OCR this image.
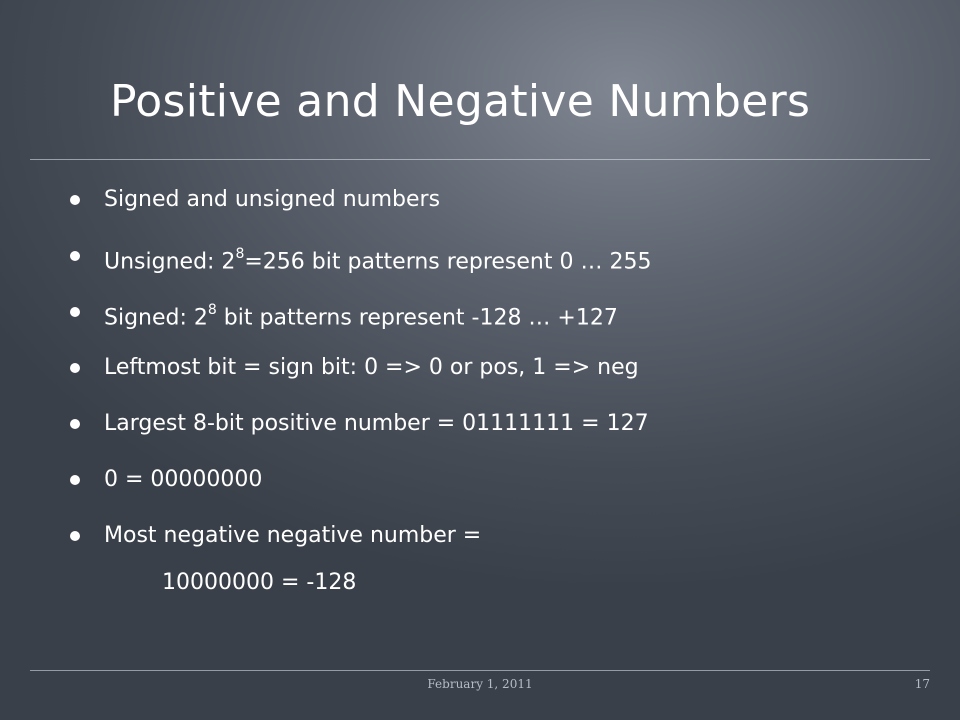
Positive and Negative Numbers
Signed and unsigned numbers
Unsigned: $2^8=256$ bit patterns represent 0 … 255
Signed: $2^8$ bit patterns represent -128 … +127
Leftmost bit = sign bit: 0 => 0 or pos, 1 => neg
Largest 8-bit positive number = 01111111 = 127
0 = 00000000
Most negative negative number =
10000000 = -128
February 1, 2011	17
